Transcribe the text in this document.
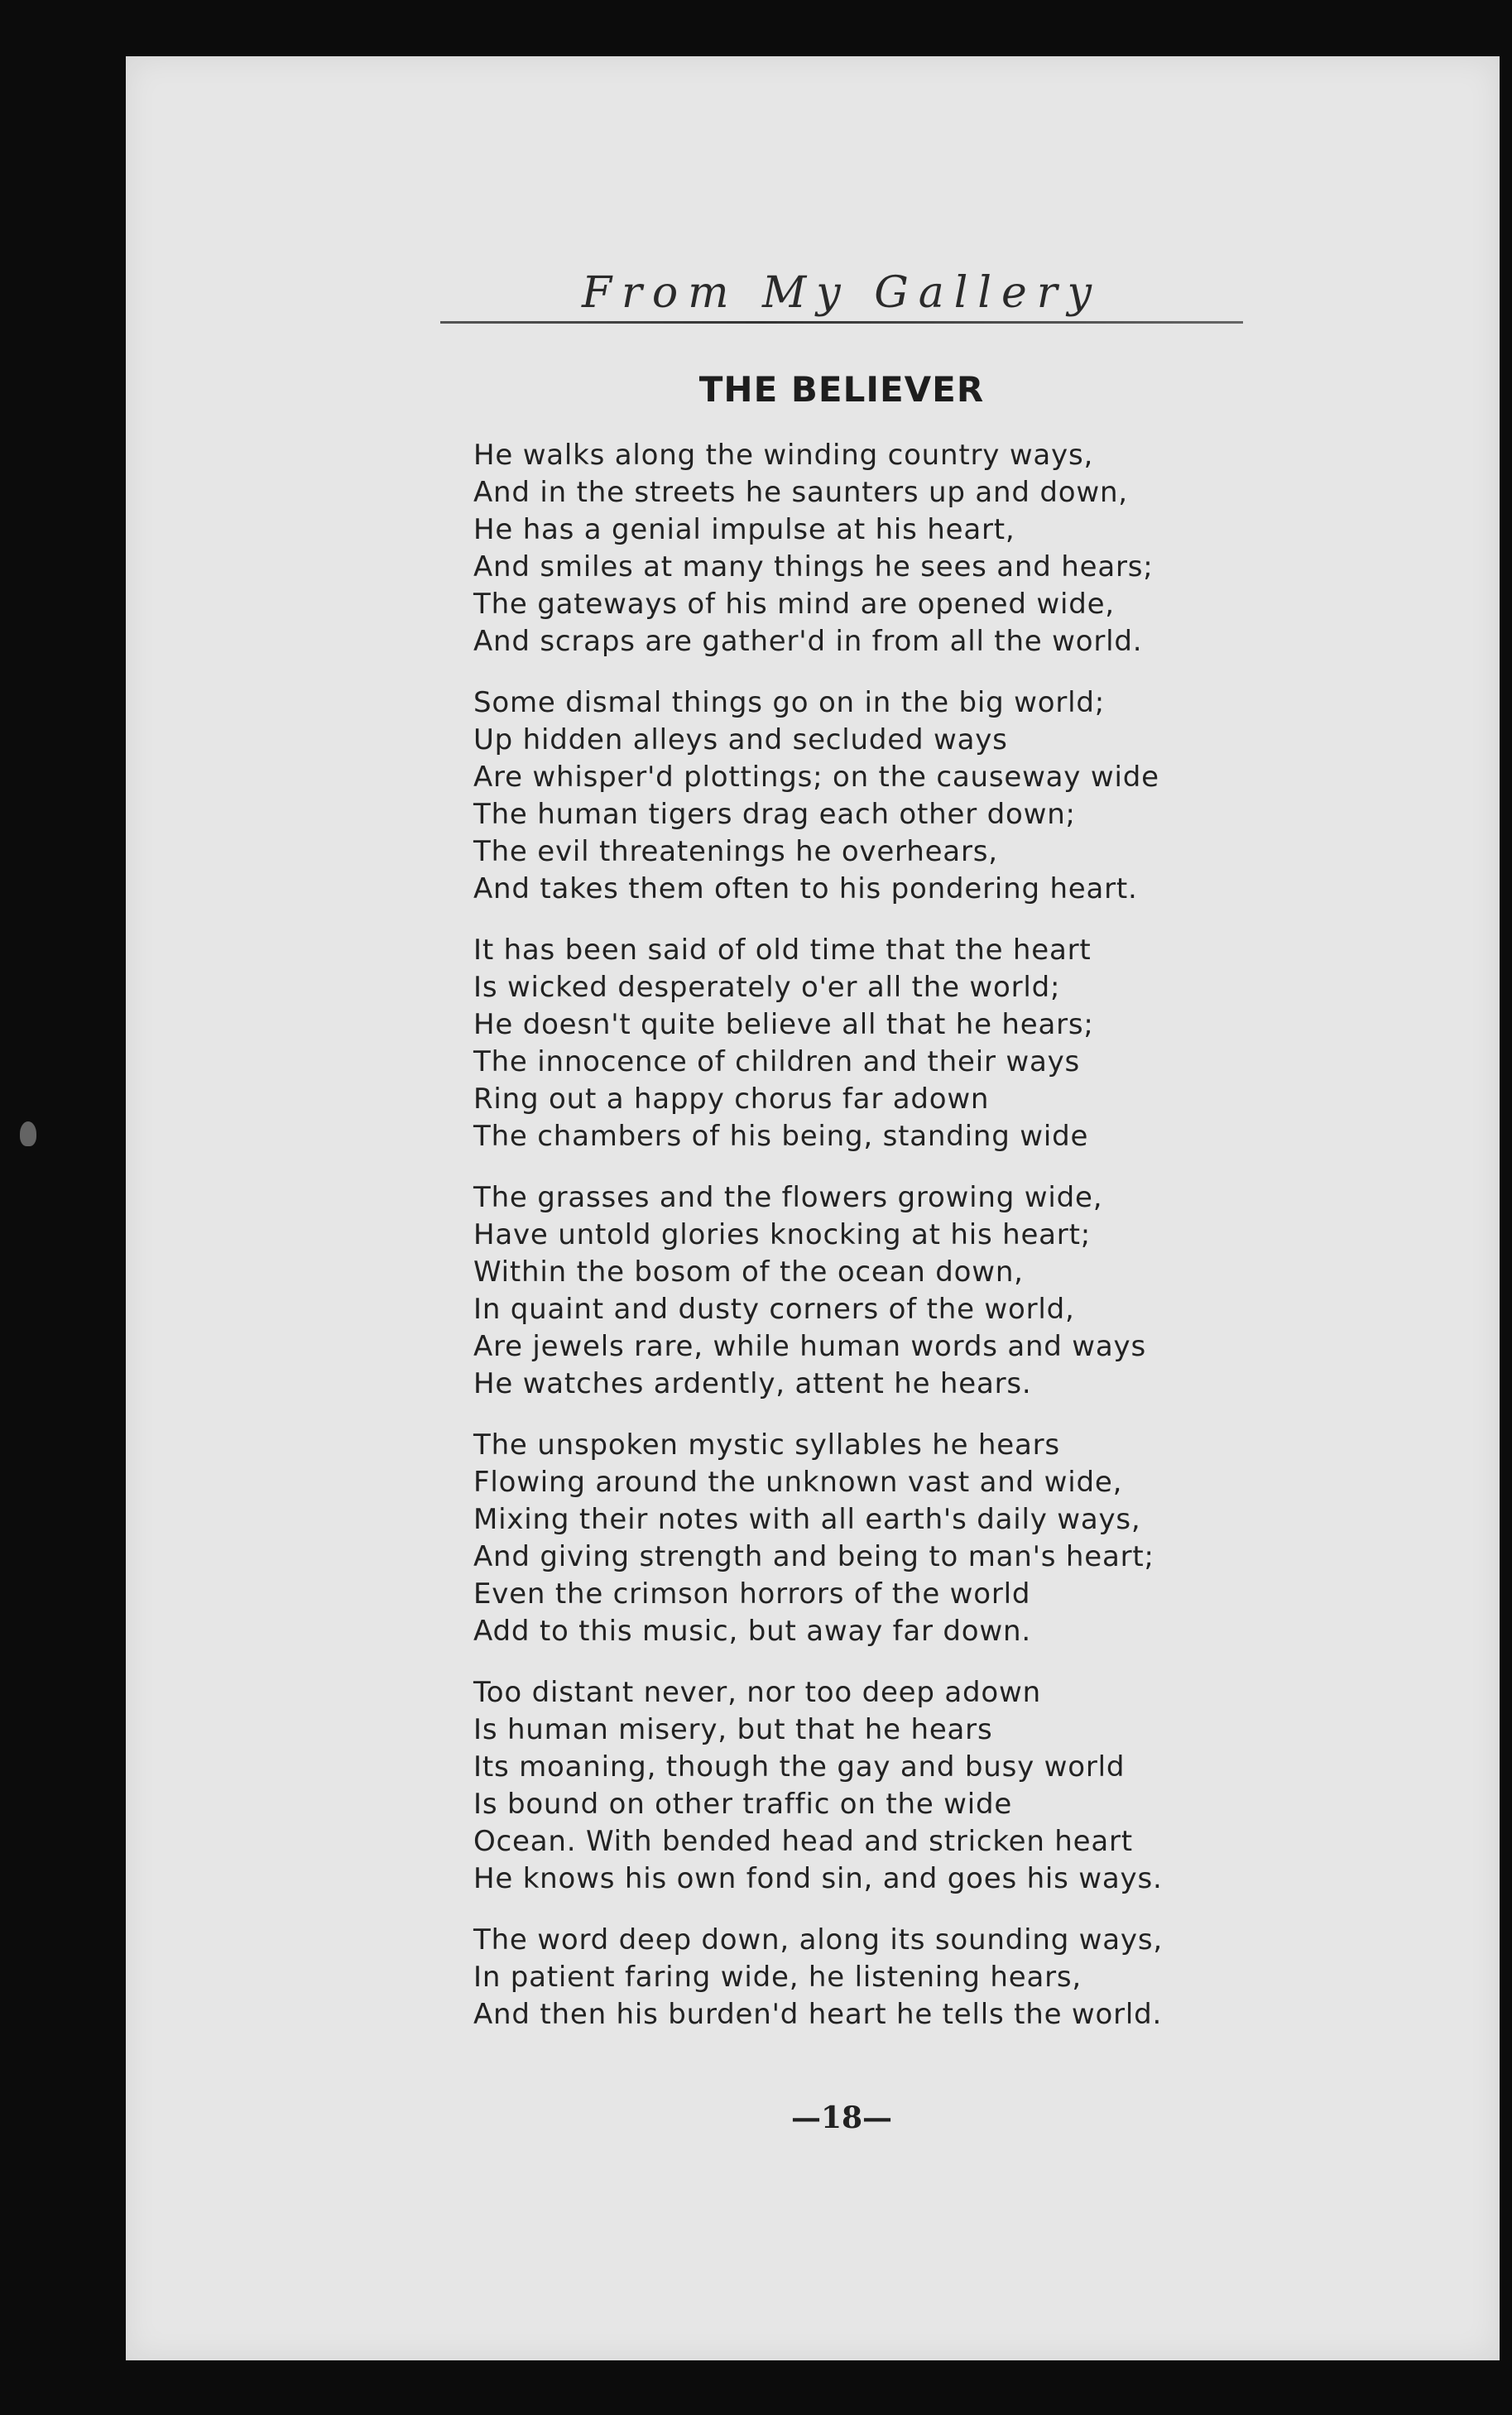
From My Gallery
THE BELIEVER
He walks along the winding country ways,
And in the streets he saunters up and down,
He has a genial impulse at his heart,
And smiles at many things he sees and hears;
The gateways of his mind are opened wide,
And scraps are gather'd in from all the world.
Some dismal things go on in the big world;
Up hidden alleys and secluded ways
Are whisper'd plottings; on the causeway wide
The human tigers drag each other down;
The evil threatenings he overhears,
And takes them often to his pondering heart.
It has been said of old time that the heart
Is wicked desperately o'er all the world;
He doesn't quite believe all that he hears;
The innocence of children and their ways
Ring out a happy chorus far adown
The chambers of his being, standing wide
The grasses and the flowers growing wide,
Have untold glories knocking at his heart;
Within the bosom of the ocean down,
In quaint and dusty corners of the world,
Are jewels rare, while human words and ways
He watches ardently, attent he hears.
The unspoken mystic syllables he hears
Flowing around the unknown vast and wide,
Mixing their notes with all earth's daily ways,
And giving strength and being to man's heart;
Even the crimson horrors of the world
Add to this music, but away far down.
Too distant never, nor too deep adown
Is human misery, but that he hears
Its moaning, though the gay and busy world
Is bound on other traffic on the wide
Ocean. With bended head and stricken heart
He knows his own fond sin, and goes his ways.
The word deep down, along its sounding ways,
In patient faring wide, he listening hears,
And then his burden'd heart he tells the world.
—18—
